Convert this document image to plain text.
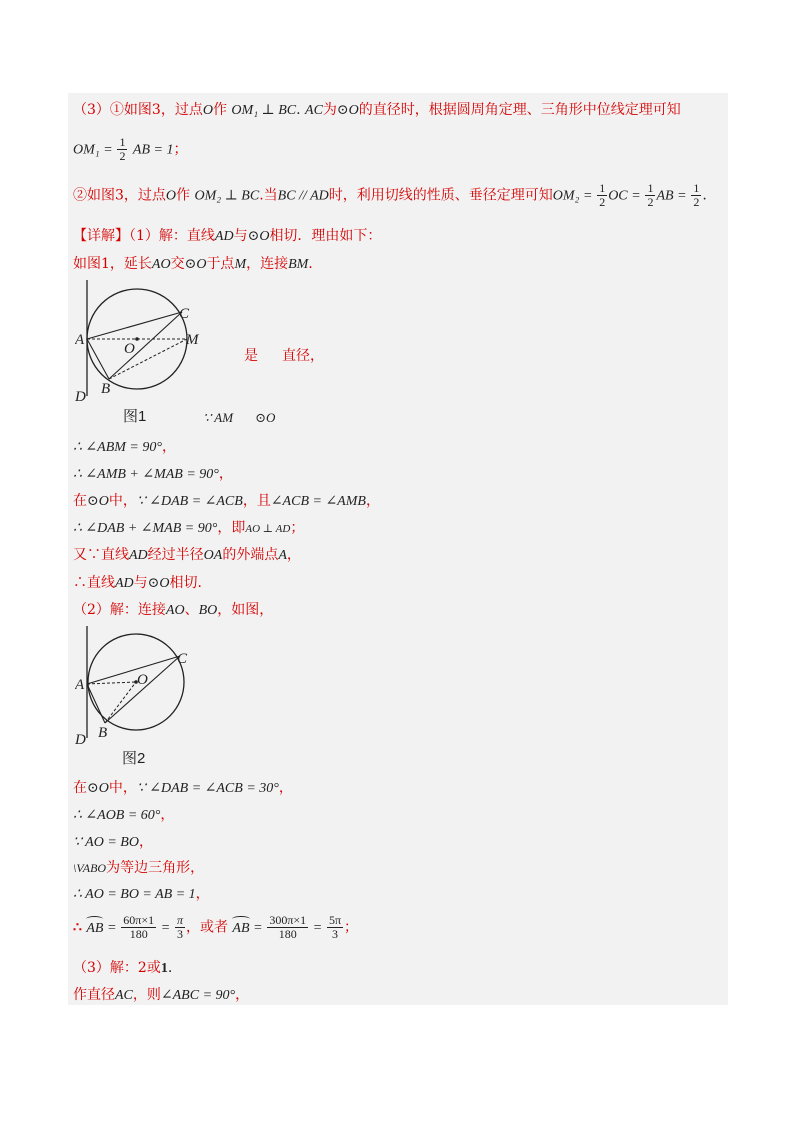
（3）①如图3，过点O作 OM₁ ⊥ BC. AC为⊙O的直径时，根据圆周角定理、三角形中位线定理可知
$OM_1 = \frac{1}{2}$ AB = 1；
②如图3，过点O作 OM₂ ⊥ BC.当BC // AD时，利用切线的性质、垂径定理可知$OM_2 = \frac{1}{2}$ OC = $\frac{1}{2}$ AB = $\frac{1}{2}$ .
【详解】（1）解：直线AD与⊙O相切．理由如下：
如图1，延长AO交⊙O于点M，连接BM．
A
C
M
O
B
D
图1
是 直径，
∵ AM ⊙O
∴ ∠ABM = 90°，
∴ ∠AMB + ∠MAB = 90°，
在⊙O中，∵ ∠DAB = ∠ACB，且∠ACB = ∠AMB，
∴ ∠DAB + ∠MAB = 90°，即AO ⊥ AD；
又∵直线AD经过半径OA的外端点A，
∴直线AD与⊙O相切．
（2）解：连接AO、BO，如图，
A
C
O
B
D
图2
在⊙O中，∵ ∠DAB = ∠ACB = 30°，
∴ ∠AOB = 60°，
∵ AO = BO，
\VABO为等边三角形，
∴ AO = BO = AB = 1，
∴ AB = $\frac{60\pi\times 1}{180} = \frac{\pi}{3}$ ，或者 AB = $\frac{300\pi\times 1}{180} = \frac{5\pi}{3}$ ；
（3）解：2或1.
作直径AC，则∠ABC = 90°，
